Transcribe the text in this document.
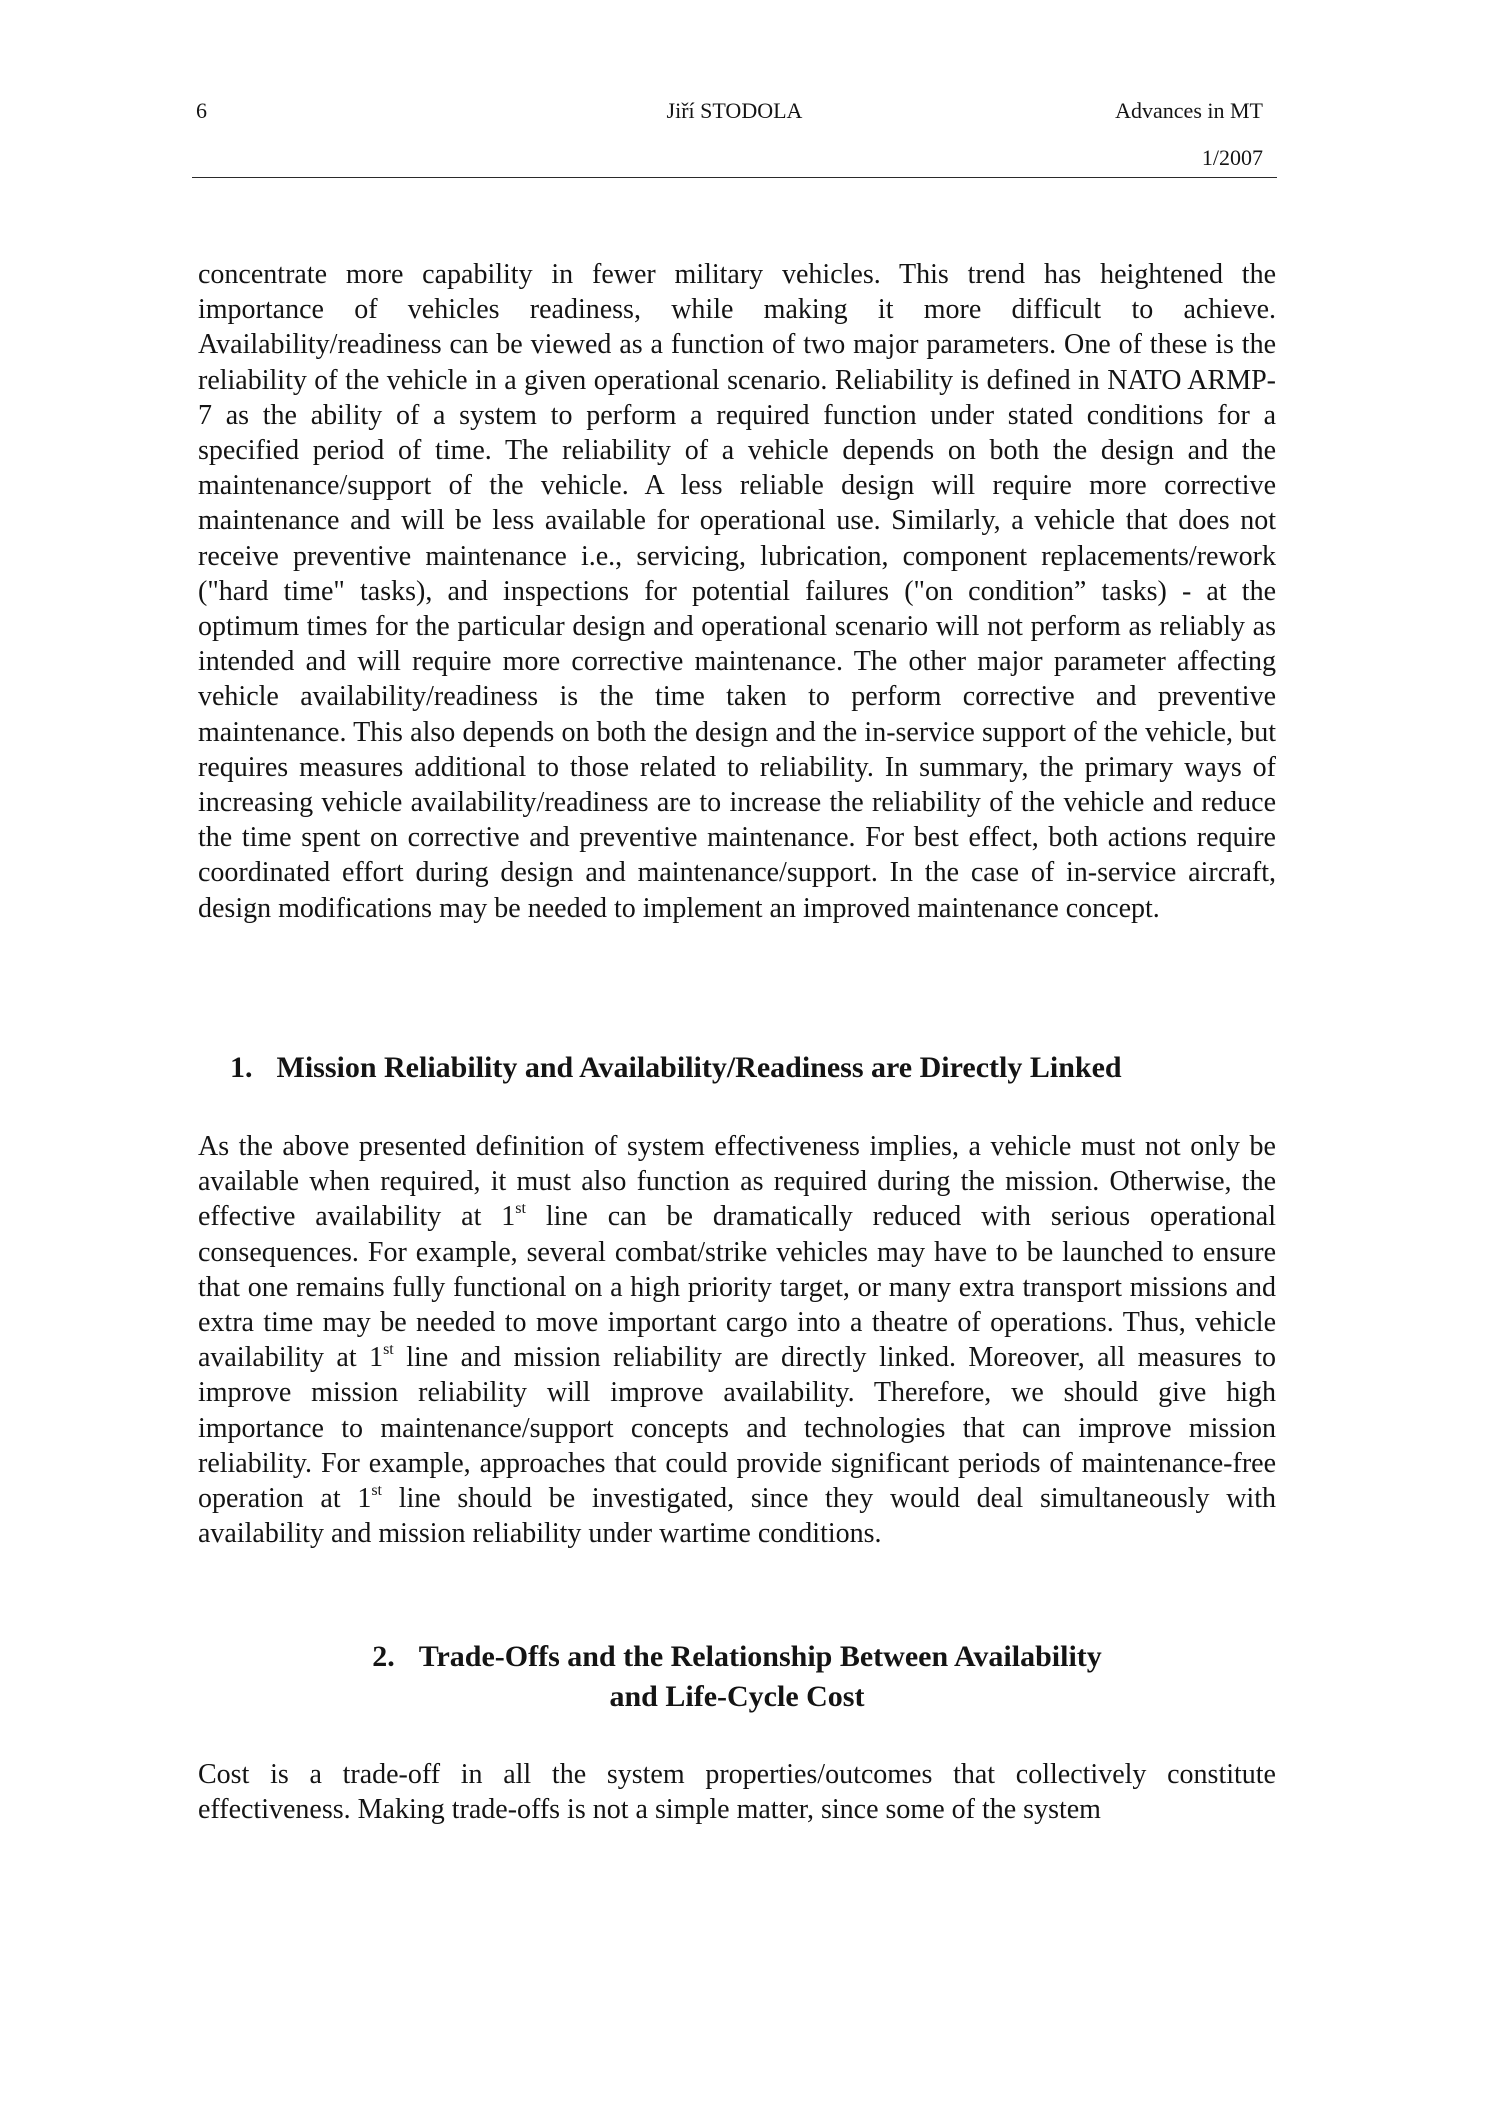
6	Jiří STODOLA	Advances in MT
1/2007

concentrate more capability in fewer military vehicles. This trend has heightened the importance of vehicles readiness, while making it more difficult to achieve. Availability/readiness can be viewed as a function of two major parameters. One of these is the reliability of the vehicle in a given operational scenario. Reliability is defined in NATO ARMP-7 as the ability of a system to perform a required function under stated conditions for a specified period of time. The reliability of a vehicle depends on both the design and the maintenance/support of the vehicle. A less reliable design will require more corrective maintenance and will be less available for operational use. Similarly, a vehicle that does not receive preventive maintenance i.e., servicing, lubrication, component replacements/rework ("hard time" tasks), and inspections for potential failures ("on condition” tasks) - at the optimum times for the particular design and operational scenario will not perform as reliably as intended and will require more corrective maintenance. The other major parameter affecting vehicle availability/readiness is the time taken to perform corrective and preventive maintenance. This also depends on both the design and the in-service support of the vehicle, but requires measures additional to those related to reliability. In summary, the primary ways of increasing vehicle availability/readiness are to increase the reliability of the vehicle and reduce the time spent on corrective and preventive maintenance. For best effect, both actions require coordinated effort during design and maintenance/support. In the case of in-service aircraft, design modifications may be needed to implement an improved maintenance concept.

1. Mission Reliability and Availability/Readiness are Directly Linked

As the above presented definition of system effectiveness implies, a vehicle must not only be available when required, it must also function as required during the mission. Otherwise, the effective availability at 1st line can be dramatically reduced with serious operational consequences. For example, several combat/strike vehicles may have to be launched to ensure that one remains fully functional on a high priority target, or many extra transport missions and extra time may be needed to move important cargo into a theatre of operations. Thus, vehicle availability at 1st line and mission reliability are directly linked. Moreover, all measures to improve mission reliability will improve availability. Therefore, we should give high importance to maintenance/support concepts and technologies that can improve mission reliability. For example, approaches that could provide significant periods of maintenance-free operation at 1st line should be investigated, since they would deal simultaneously with availability and mission reliability under wartime conditions.

2. Trade-Offs and the Relationship Between Availability
and Life-Cycle Cost

Cost is a trade-off in all the system properties/outcomes that collectively constitute effectiveness. Making trade-offs is not a simple matter, since some of the system
